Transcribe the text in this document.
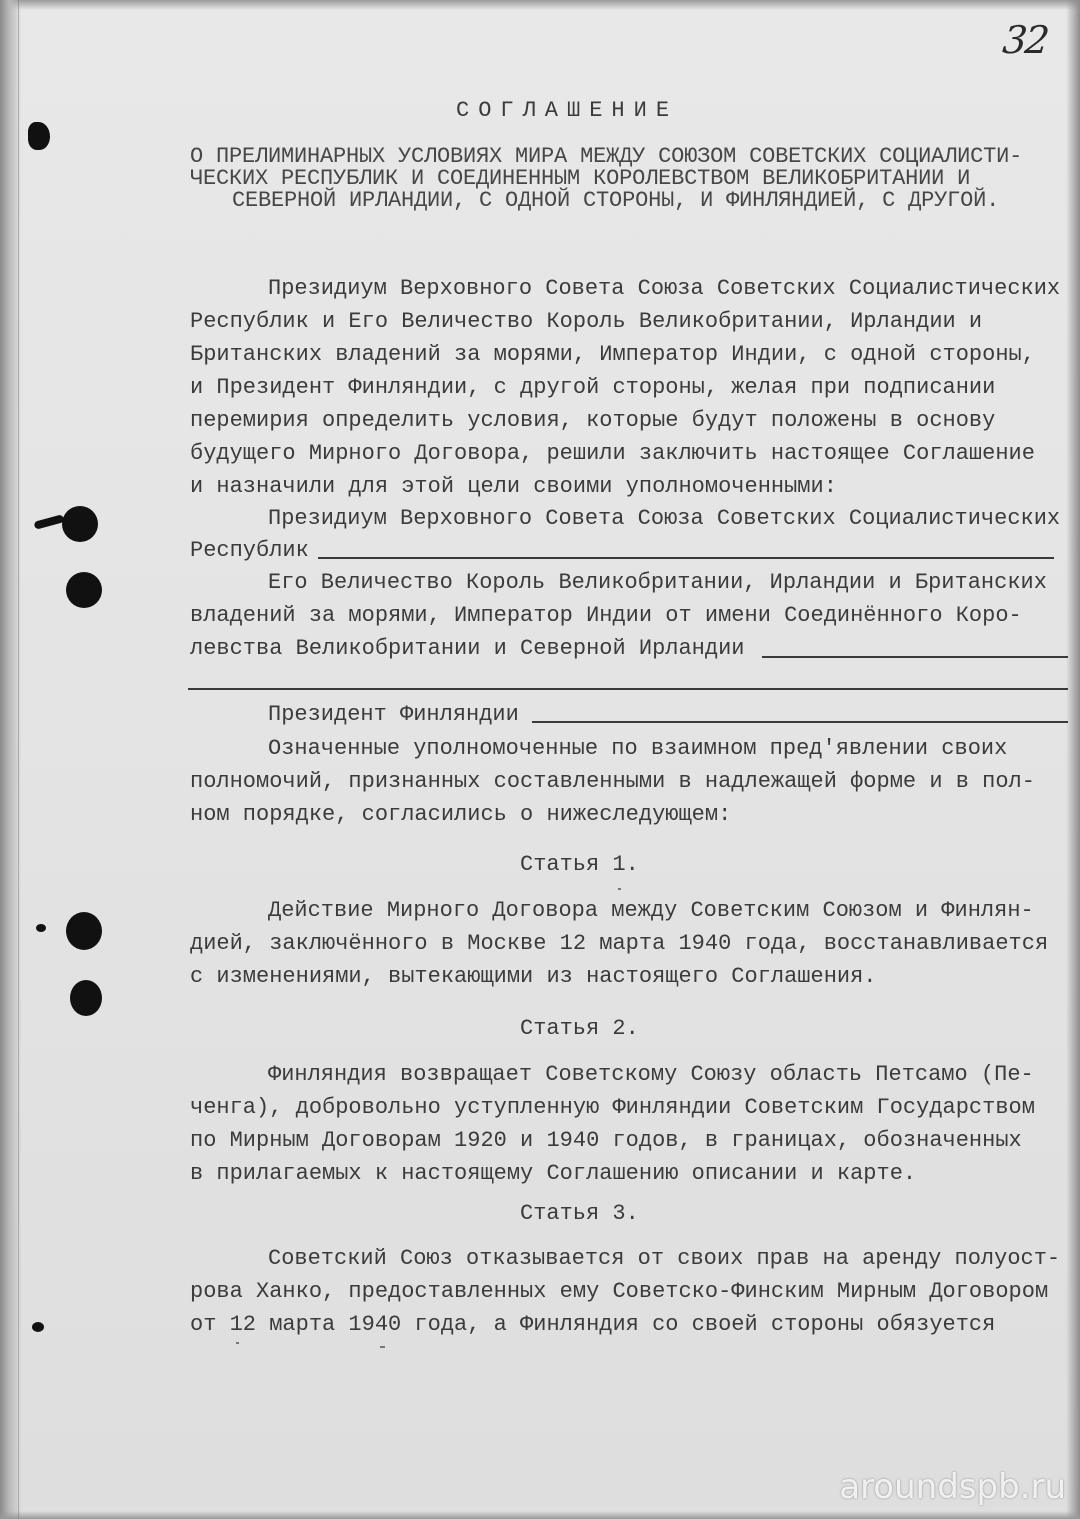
32
СОГЛАШЕНИЕ
О ПРЕЛИМИНАРНЫХ УСЛОВИЯХ МИРА МЕЖДУ СОЮЗОМ СОВЕТСКИХ СОЦИАЛИСТИ-
ЧЕСКИХ РЕСПУБЛИК И СОЕДИНЕННЫМ КОРОЛЕВСТВОМ ВЕЛИКОБРИТАНИИ И
СЕВЕРНОЙ ИРЛАНДИИ, С ОДНОЙ СТОРОНЫ, И ФИНЛЯНДИЕЙ, С ДРУГОЙ.
Президиум Верховного Совета Союза Советских Социалистических
Республик и Его Величество Король Великобритании, Ирландии и
Британских владений за морями, Император Индии, с одной стороны,
и Президент Финляндии, с другой стороны, желая при подписании
перемирия определить условия, которые будут положены в основу
будущего Мирного Договора, решили заключить настоящее Соглашение
и назначили для этой цели своими уполномоченными:
Президиум Верховного Совета Союза Советских Социалистических
Республик
Его Величество Король Великобритании, Ирландии и Британских
владений за морями, Император Индии от имени Соединённого Коро-
левства Великобритании и Северной Ирландии
Президент Финляндии
Означенные уполномоченные по взаимном пред'явлении своих
полномочий, признанных составленными в надлежащей форме и в пол-
ном порядке, согласились о нижеследующем:
Статья 1.
Действие Мирного Договора между Советским Союзом и Финлян-
дией, заключённого в Москве 12 марта 1940 года, восстанавливается
с изменениями, вытекающими из настоящего Соглашения.
Статья 2.
Финляндия возвращает Советскому Союзу область Петсамо (Пе-
ченга), добровольно уступленную Финляндии Советским Государством
по Мирным Договорам 1920 и 1940 годов, в границах, обозначенных
в прилагаемых к настоящему Соглашению описании и карте.
Статья 3.
Советский Союз отказывается от своих прав на аренду полуост-
рова Ханко, предоставленных ему Советско-Финским Мирным Договором
от 12 марта 1940 года, а Финляндия со своей стороны обязуется
aroundspb.ru
